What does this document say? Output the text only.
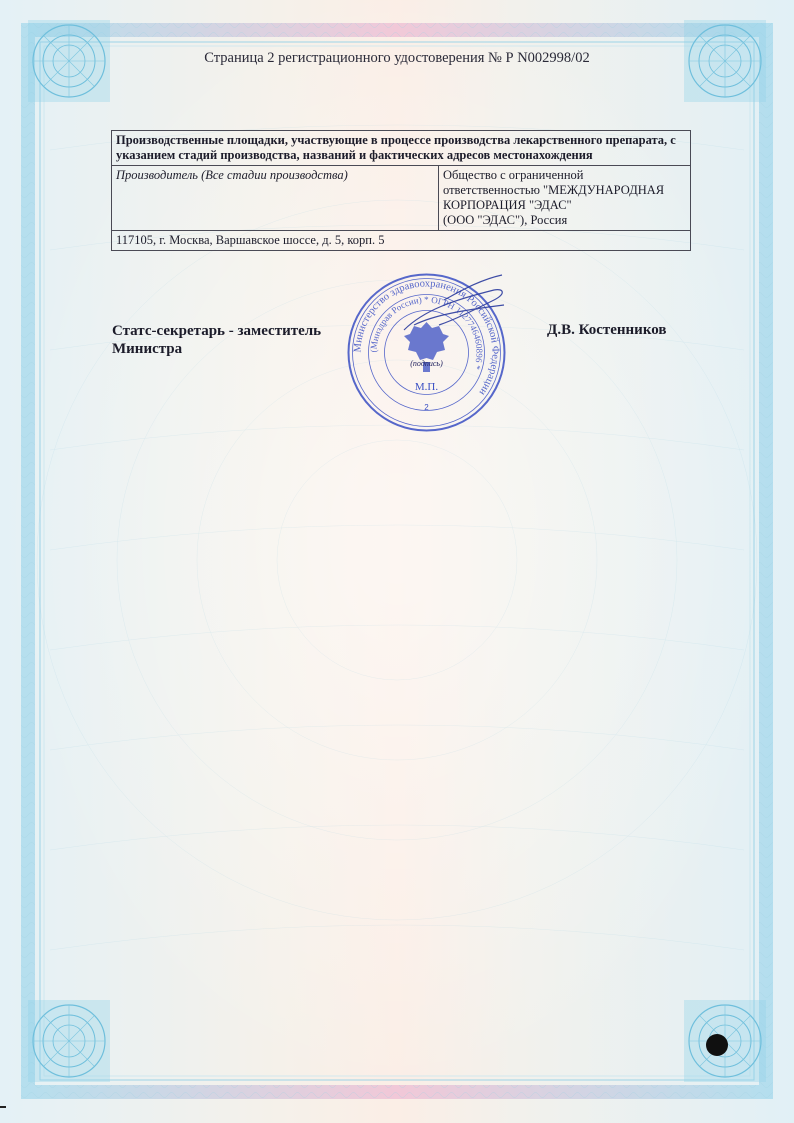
Страница 2 регистрационного удостоверения № Р N002998/02
Производственные площадки, участвующие в процессе производства лекарственного препарата, с указанием стадий производства, названий и фактических адресов местонахождения
Производитель (Все стадии производства)	Общество с ограниченной
ответственностью "МЕЖДУНАРОДНАЯ
КОРПОРАЦИЯ "ЭДАС"
(ООО "ЭДАС"), Россия

117105, г. Москва, Варшавское шоссе, д. 5, корп. 5
Статс-секретарь - заместитель
Министра
Д.В. Костенников
Министерство здравоохранения Российской Федерации
(Минздрав России) * ОГРН 1127746460896 *
(подпись)
М.П.
2
